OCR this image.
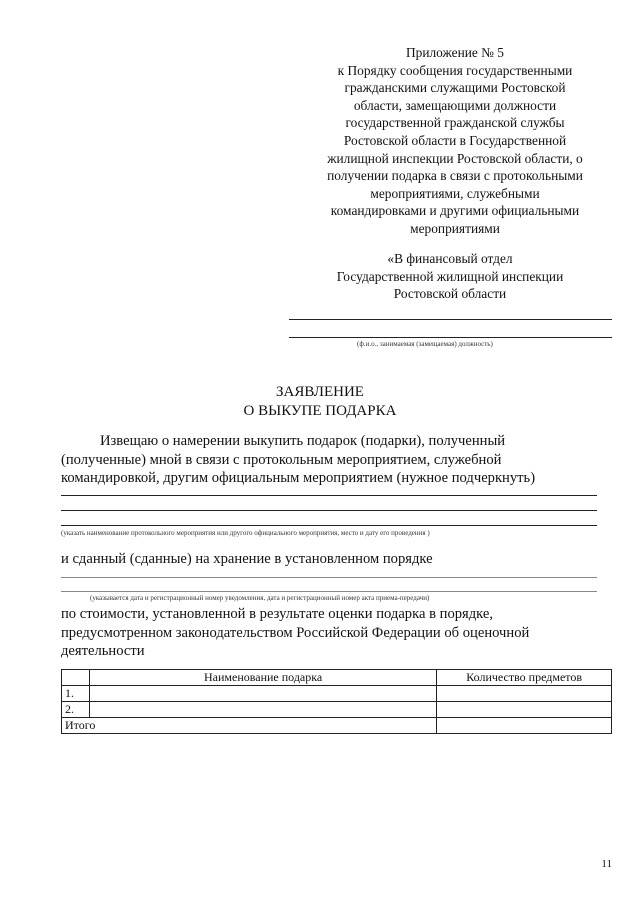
Приложение № 5
к Порядку сообщения государственными
гражданскими служащими Ростовской
области, замещающими должности
государственной гражданской службы
Ростовской области в Государственной
жилищной инспекции Ростовской области, о
получении подарка в связи с протокольными
мероприятиями, служебными
командировками и другими официальными
мероприятиями
«В финансовый отдел
Государственной жилищной инспекции
Ростовской области
(ф.и.о., занимаемая (замещаемая) должность)
ЗАЯВЛЕНИЕ
О ВЫКУПЕ ПОДАРКА
Извещаю о намерении выкупить подарок (подарки), полученный
(полученные) мной в связи с протокольным мероприятием, служебной
командировкой, другим официальным мероприятием (нужное подчеркнуть)
(указать наименование протокольного мероприятия или другого официального мероприятия, место и дату его проведения )
и сданный (сданные) на хранение в установленном порядке
(указывается дата и регистрационный номер уведомления, дата и регистрационный номер акта приема-передачи)
по стоимости, установленной в результате оценки подарка в порядке,
предусмотренном законодательством Российской Федерации об оценочной
деятельности
	Наименование подарка	Количество предметов
1.		
2.		
Итого		
11
